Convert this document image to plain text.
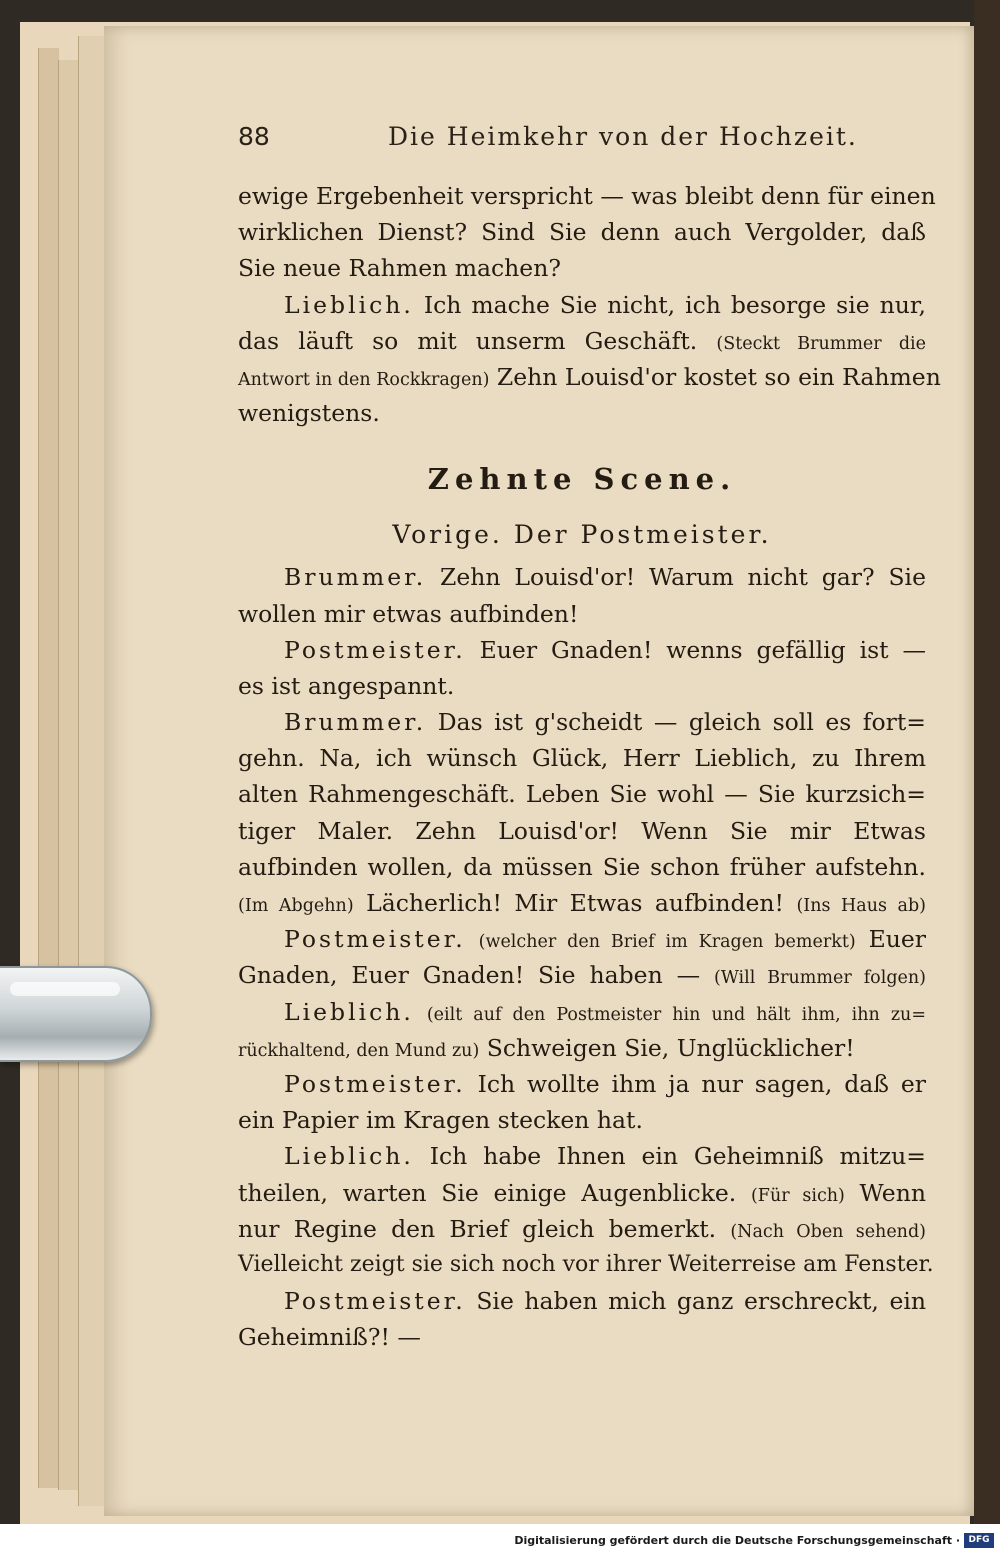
88	Die Heimkehr von der Hochzeit.
ewige Ergebenheit verspricht — was bleibt denn für einen
wirklichen Dienst? Sind Sie denn auch Vergolder, daß
Sie neue Rahmen machen?
Lieblich. Ich mache Sie nicht, ich besorge sie nur,
das läuft so mit unserm Geschäft. (Steckt Brummer die
Antwort in den Rockkragen) Zehn Louisd'or kostet so ein Rahmen
wenigstens.
Zehnte Scene.
Vorige. Der Postmeister.
Brummer. Zehn Louisd'or! Warum nicht gar? Sie
wollen mir etwas aufbinden!
Postmeister. Euer Gnaden! wenns gefällig ist —
es ist angespannt.
Brummer. Das ist g'scheidt — gleich soll es fort=
gehn. Na, ich wünsch Glück, Herr Lieblich, zu Ihrem
alten Rahmengeschäft. Leben Sie wohl — Sie kurzsich=
tiger Maler. Zehn Louisd'or! Wenn Sie mir Etwas
aufbinden wollen, da müssen Sie schon früher aufstehn.
(Im Abgehn) Lächerlich! Mir Etwas aufbinden! (Ins Haus ab)
Postmeister. (welcher den Brief im Kragen bemerkt) Euer
Gnaden, Euer Gnaden! Sie haben — (Will Brummer folgen)
Lieblich. (eilt auf den Postmeister hin und hält ihm, ihn zu=
rückhaltend, den Mund zu) Schweigen Sie, Unglücklicher!
Postmeister. Ich wollte ihm ja nur sagen, daß er
ein Papier im Kragen stecken hat.
Lieblich. Ich habe Ihnen ein Geheimniß mitzu=
theilen, warten Sie einige Augenblicke. (Für sich) Wenn
nur Regine den Brief gleich bemerkt. (Nach Oben sehend)
Vielleicht zeigt sie sich noch vor ihrer Weiterreise am Fenster.
Postmeister. Sie haben mich ganz erschreckt, ein
Geheimniß?! —
Digitalisierung gefördert durch die Deutsche Forschungsgemeinschaft · DFG
